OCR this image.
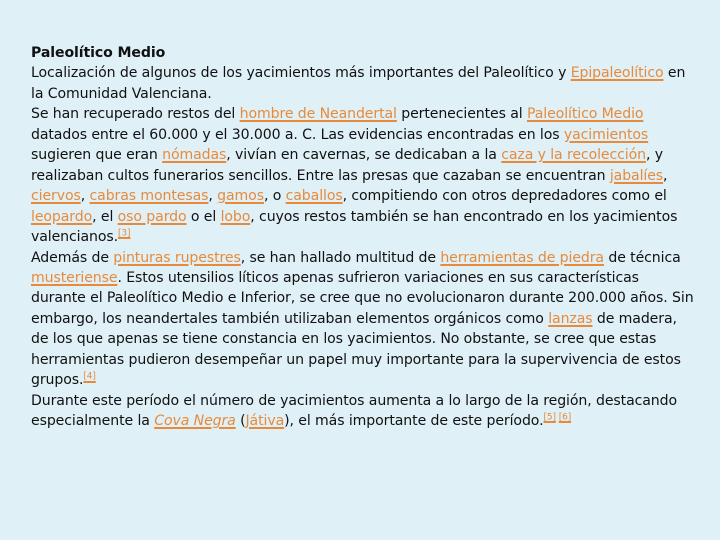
Paleolítico Medio

Localización de algunos de los yacimientos más importantes del Paleolítico y Epipaleolítico en la Comunidad Valenciana.

Se han recuperado restos del hombre de Neandertal pertenecientes al Paleolítico Medio datados entre el 60.000 y el 30.000 a. C. Las evidencias encontradas en los yacimientos sugieren que eran nómadas, vivían en cavernas, se dedicaban a la caza y la recolección, y realizaban cultos funerarios sencillos. Entre las presas que cazaban se encuentran jabalíes, ciervos, cabras montesas, gamos, o caballos, compitiendo con otros depredadores como el leopardo, el oso pardo o el lobo, cuyos restos también se han encontrado en los yacimientos valencianos.[3]

Además de pinturas rupestres, se han hallado multitud de herramientas de piedra de técnica musteriense. Estos utensilios líticos apenas sufrieron variaciones en sus características durante el Paleolítico Medio e Inferior, se cree que no evolucionaron durante 200.000 años. Sin embargo, los neandertales también utilizaban elementos orgánicos como lanzas de madera, de los que apenas se tiene constancia en los yacimientos. No obstante, se cree que estas herramientas pudieron desempeñar un papel muy importante para la supervivencia de estos grupos.[4]

Durante este período el número de yacimientos aumenta a lo largo de la región, destacando especialmente la Cova Negra (Játiva), el más importante de este período.[5] [6]
